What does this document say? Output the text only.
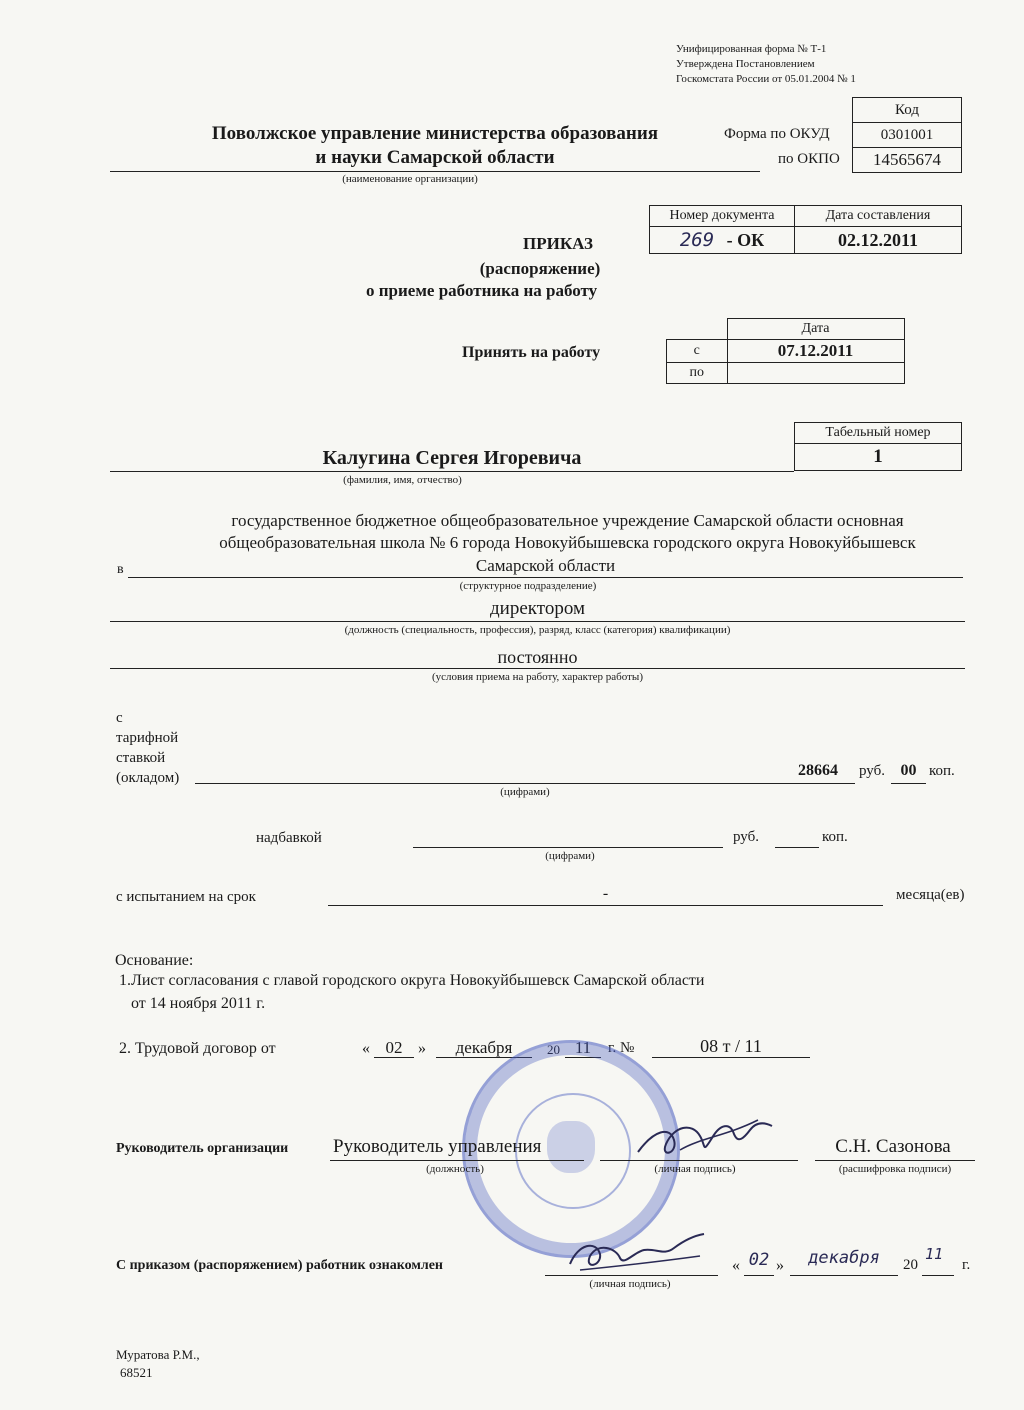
Унифицированная форма № Т-1
Утверждена Постановлением
Госкомстата России от 05.01.2004 № 1
Поволжское управление министерства образования
и науки Самарской области
(наименование организации)
Код
0301001
14565674
Форма по ОКУД
по ОКПО
ПРИКАЗ
(распоряжение)
о приеме работника на работу
Номер документа	Дата составления
269 - ОК	02.12.2011
Принять на работу
	Дата
с	07.12.2011
по	
Табельный номер
1
Калугина Сергея Игоревича
(фамилия, имя, отчество)
государственное бюджетное общеобразовательное учреждение Самарской области основная
общеобразовательная школа № 6 города Новокуйбышевска городского округа Новокуйбышевск
в	Самарской области
(структурное подразделение)
директором
(должность (специальность, профессия), разряд, класс (категория) квалификации)
постоянно
(условия приема на работу, характер работы)
с
тарифной
ставкой
(окладом)	28664 руб. 00 коп.
(цифрами)
надбавкой	руб.	коп.
(цифрами)
с испытанием на срок	-	месяца(ев)
Основание:
1.Лист согласования с главой городского округа Новокуйбышевск Самарской области
от 14 ноября 2011 г.
2. Трудовой договор от	« 02 »	декабря	20 11	г. №	08 т / 11
Руководитель организации Руководитель управления
(должность)	(личная подпись)
С.Н. Сазонова
(расшифровка подписи)
С приказом (распоряжением) работник ознакомлен
(личная подпись)
« 02 »	декабря	20
11
г.
Муратова Р.М.,
68521
